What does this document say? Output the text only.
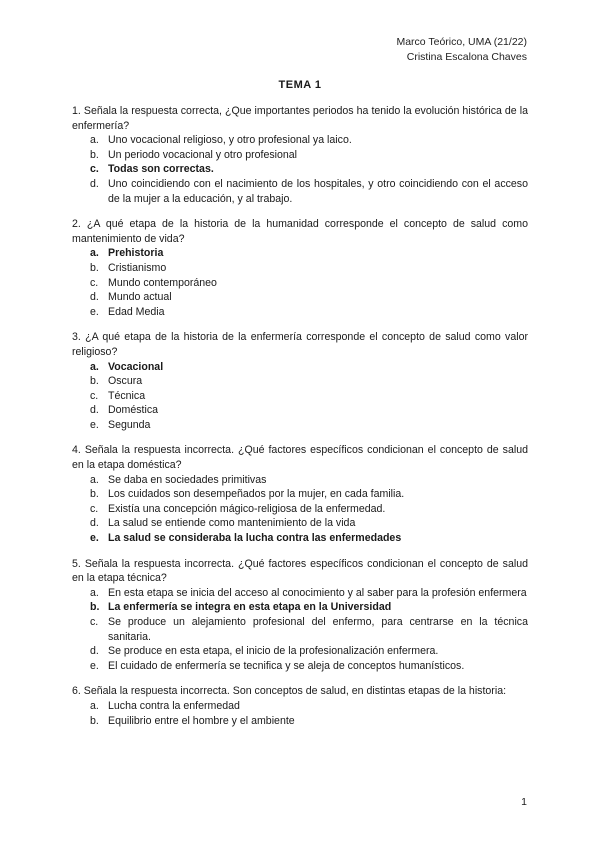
Marco Teórico, UMA (21/22)
Cristina Escalona Chaves
TEMA 1
1. Señala la respuesta correcta, ¿Que importantes periodos ha tenido la evolución histórica de la enfermería?
a. Uno vocacional religioso, y otro profesional ya laico.
b. Un periodo vocacional y otro profesional
c. Todas son correctas.
d. Uno coincidiendo con el nacimiento de los hospitales, y otro coincidiendo con el acceso de la mujer a la educación, y al trabajo.
2. ¿A qué etapa de la historia de la humanidad corresponde el concepto de salud como mantenimiento de vida?
a. Prehistoria
b. Cristianismo
c. Mundo contemporáneo
d. Mundo actual
e. Edad Media
3. ¿A qué etapa de la historia de la enfermería corresponde el concepto de salud como valor religioso?
a. Vocacional
b. Oscura
c. Técnica
d. Doméstica
e. Segunda
4. Señala la respuesta incorrecta. ¿Qué factores específicos condicionan el concepto de salud en la etapa doméstica?
a. Se daba en sociedades primitivas
b. Los cuidados son desempeñados por la mujer, en cada familia.
c. Existía una concepción mágico-religiosa de la enfermedad.
d. La salud se entiende como mantenimiento de la vida
e. La salud se consideraba la lucha contra las enfermedades
5. Señala la respuesta incorrecta. ¿Qué factores específicos condicionan el concepto de salud en la etapa técnica?
a. En esta etapa se inicia del acceso al conocimiento y al saber para la profesión enfermera
b. La enfermería se integra en esta etapa en la Universidad
c. Se produce un alejamiento profesional del enfermo, para centrarse en la técnica sanitaria.
d. Se produce en esta etapa, el inicio de la profesionalización enfermera.
e. El cuidado de enfermería se tecnifica y se aleja de conceptos humanísticos.
6. Señala la respuesta incorrecta. Son conceptos de salud, en distintas etapas de la historia:
a. Lucha contra la enfermedad
b. Equilibrio entre el hombre y el ambiente
1
